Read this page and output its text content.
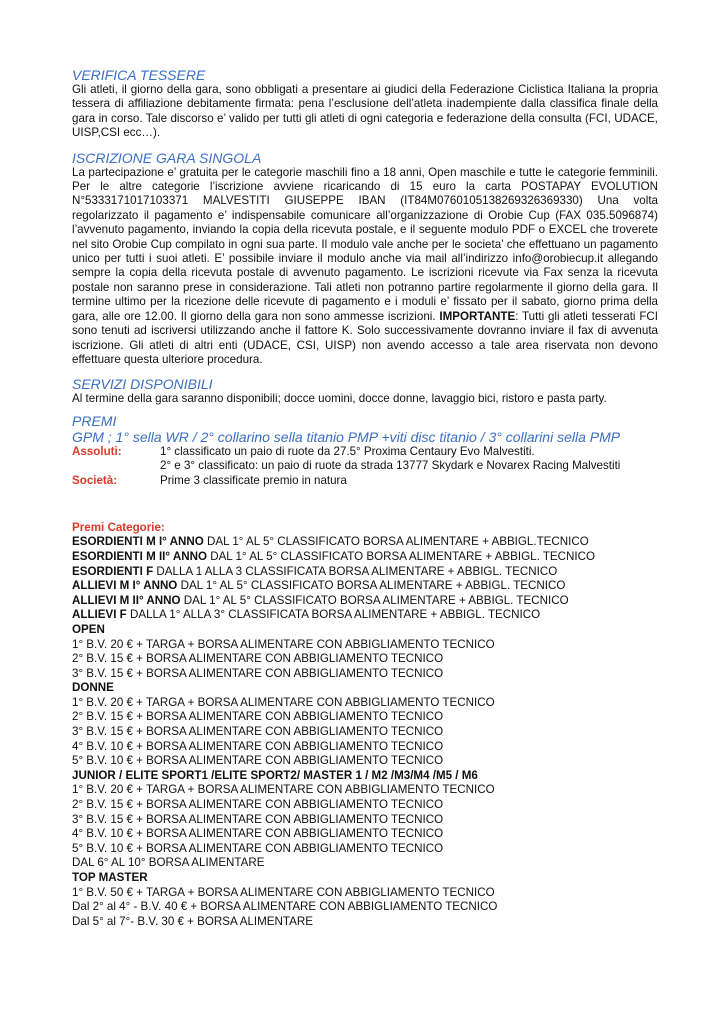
VERIFICA TESSERE

Gli atleti, il giorno della gara, sono obbligati a presentare ai giudici della Federazione Ciclistica Italiana la propria tessera di affiliazione debitamente firmata: pena l’esclusione dell’atleta inadempiente dalla classifica finale della gara in corso. Tale discorso e’ valido per tutti gli atleti di ogni categoria e federazione della consulta (FCI, UDACE, UISP,CSI ecc…).

ISCRIZIONE GARA SINGOLA

La partecipazione e’ gratuita per le categorie maschili fino a 18 anni, Open maschile e tutte le categorie femminili. Per le altre categorie l’iscrizione avviene ricaricando di 15 euro la carta POSTAPAY EVOLUTION N°5333171017103371 MALVESTITI GIUSEPPE IBAN (IT84M0760105138269326369330) Una volta regolarizzato il pagamento e’ indispensabile comunicare all’organizzazione di Orobie Cup (FAX 035.5096874) l’avvenuto pagamento, inviando la copia della ricevuta postale, e il seguente modulo PDF o EXCEL che troverete nel sito Orobie Cup compilato in ogni sua parte. Il modulo vale anche per le societa’ che effettuano un pagamento unico per tutti i suoi atleti. E’ possibile inviare il modulo anche via mail all’indirizzo info@orobiecup.it allegando sempre la copia della ricevuta postale di avvenuto pagamento. Le iscrizioni ricevute via Fax senza la ricevuta postale non saranno prese in considerazione. Tali atleti non potranno partire regolarmente il giorno della gara. Il termine ultimo per la ricezione delle ricevute di pagamento e i moduli e’ fissato per il sabato, giorno prima della gara, alle ore 12.00. Il giorno della gara non sono ammesse iscrizioni. IMPORTANTE: Tutti gli atleti tesserati FCI sono tenuti ad iscriversi utilizzando anche il fattore K. Solo successivamente dovranno inviare il fax di avvenuta iscrizione. Gli atleti di altri enti (UDACE, CSI, UISP) non avendo accesso a tale area riservata non devono effettuare questa ulteriore procedura.

SERVIZI DISPONIBILI

Al termine della gara saranno disponibili; docce uomini, docce donne, lavaggio bici, ristoro e pasta party.

PREMI
GPM ; 1° sella WR / 2° collarino sella titanio PMP +viti disc titanio / 3° collarini sella PMP
Assoluti:	1° classificato un paio di ruote da 27.5° Proxima Centaury Evo Malvestiti.
2° e 3° classificato: un paio di ruote da strada 13777 Skydark e Novarex Racing Malvestiti
Società:	Prime 3 classificate premio in natura
Premi Categorie:
ESORDIENTI M I° ANNO DAL 1° AL 5° CLASSIFICATO BORSA ALIMENTARE + ABBIGL.TECNICO
ESORDIENTI M II° ANNO DAL 1° AL 5° CLASSIFICATO BORSA ALIMENTARE + ABBIGL. TECNICO
ESORDIENTI F DALLA 1 ALLA 3 CLASSIFICATA BORSA ALIMENTARE + ABBIGL. TECNICO
ALLIEVI M I° ANNO DAL 1° AL 5° CLASSIFICATO BORSA ALIMENTARE + ABBIGL. TECNICO
ALLIEVI M II° ANNO DAL 1° AL 5° CLASSIFICATO BORSA ALIMENTARE + ABBIGL. TECNICO
ALLIEVI F DALLA 1° ALLA 3° CLASSIFICATA BORSA ALIMENTARE + ABBIGL. TECNICO
OPEN
1° B.V. 20 € + TARGA + BORSA ALIMENTARE CON ABBIGLIAMENTO TECNICO
2° B.V. 15 € + BORSA ALIMENTARE CON ABBIGLIAMENTO TECNICO
3° B.V. 15 € + BORSA ALIMENTARE CON ABBIGLIAMENTO TECNICO
DONNE
1° B.V. 20 € + TARGA + BORSA ALIMENTARE CON ABBIGLIAMENTO TECNICO
2° B.V. 15 € + BORSA ALIMENTARE CON ABBIGLIAMENTO TECNICO
3° B.V. 15 € + BORSA ALIMENTARE CON ABBIGLIAMENTO TECNICO
4° B.V. 10 € + BORSA ALIMENTARE CON ABBIGLIAMENTO TECNICO
5° B.V. 10 € + BORSA ALIMENTARE CON ABBIGLIAMENTO TECNICO
JUNIOR / ELITE SPORT1 /ELITE SPORT2/ MASTER 1 / M2 /M3/M4 /M5 / M6
1° B.V. 20 € + TARGA + BORSA ALIMENTARE CON ABBIGLIAMENTO TECNICO
2° B.V. 15 € + BORSA ALIMENTARE CON ABBIGLIAMENTO TECNICO
3° B.V. 15 € + BORSA ALIMENTARE CON ABBIGLIAMENTO TECNICO
4° B.V. 10 € + BORSA ALIMENTARE CON ABBIGLIAMENTO TECNICO
5° B.V. 10 € + BORSA ALIMENTARE CON ABBIGLIAMENTO TECNICO
DAL 6° AL 10° BORSA ALIMENTARE
TOP MASTER
1° B.V. 50 € + TARGA + BORSA ALIMENTARE CON ABBIGLIAMENTO TECNICO
Dal 2° al 4° - B.V. 40 € + BORSA ALIMENTARE CON ABBIGLIAMENTO TECNICO
Dal 5° al 7°- B.V. 30 € + BORSA ALIMENTARE
